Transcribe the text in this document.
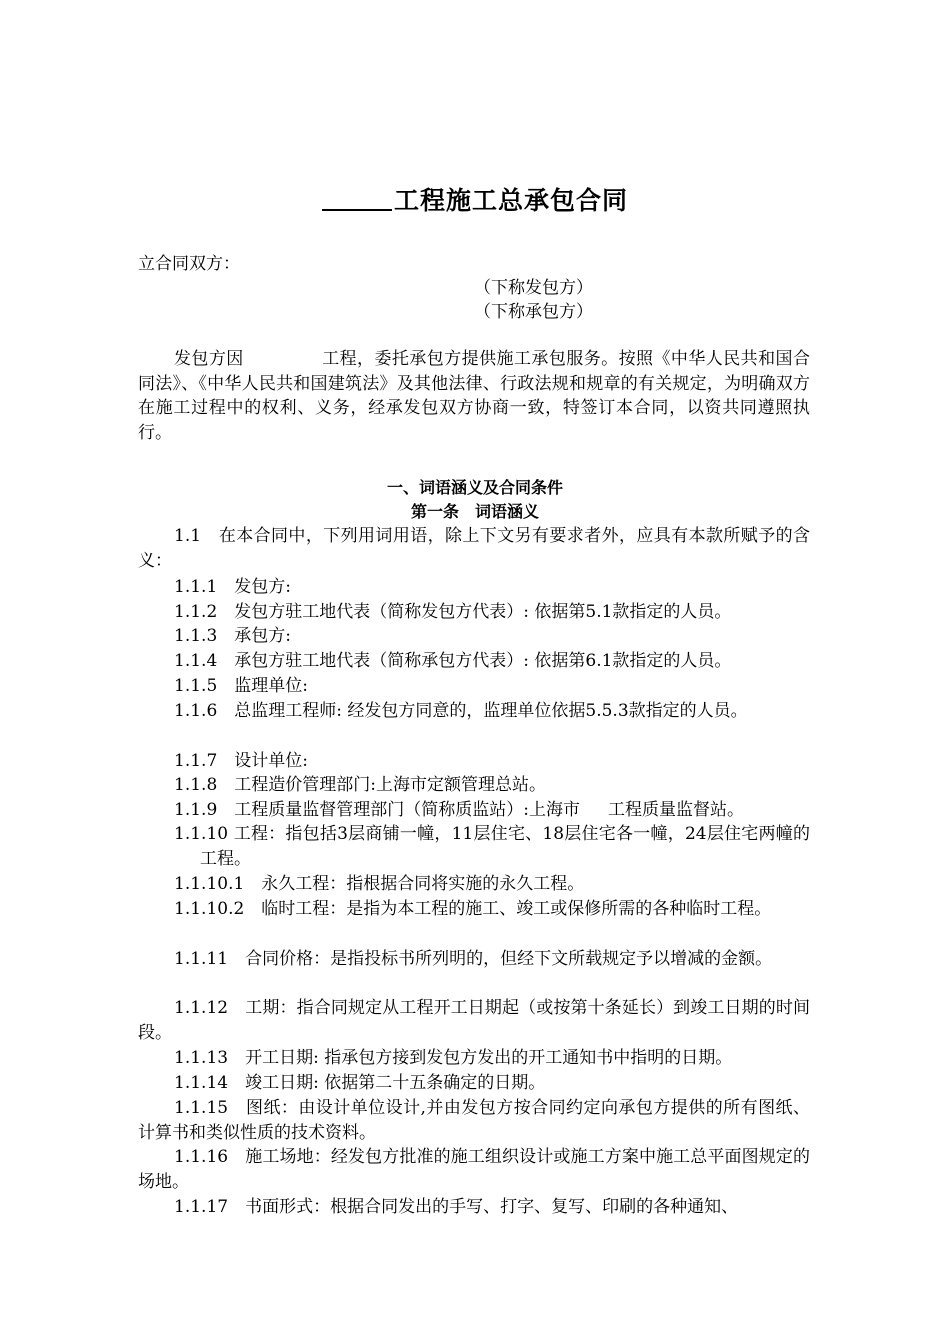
工程施工总承包合同
立合同双方：
（下称发包方）
（下称承包方）
发包方因	工程，委托承包方提供施工承包服务。按照《中华人民共和国合同法》、《中华人民共和国建筑法》及其他法律、行政法规和规章的有关规定，为明确双方在施工过程中的权利、义务，经承发包双方协商一致，特签订本合同，以资共同遵照执行。
一、词语涵义及合同条件
第一条　词语涵义
1.1　在本合同中，下列用词用语，除上下文另有要求者外，应具有本款所赋予的含义：
1.1.1　发包方:
1.1.2　发包方驻工地代表（简称发包方代表）: 依据第5.1款指定的人员。
1.1.3　承包方:
1.1.4　承包方驻工地代表（简称承包方代表）: 依据第6.1款指定的人员。
1.1.5　监理单位:
1.1.6　总监理工程师: 经发包方同意的，监理单位依据5.5.3款指定的人员。
1.1.7　设计单位:
1.1.8　工程造价管理部门:上海市定额管理总站。
1.1.9　工程质量监督管理部门（简称质监站）:上海市 工程质量监督站。
1.1.10 工程：指包括3层商铺一幢，11层住宅、18层住宅各一幢，24层住宅两幢的工程。
1.1.10.1　永久工程：指根据合同将实施的永久工程。
1.1.10.2　临时工程：是指为本工程的施工、竣工或保修所需的各种临时工程。
1.1.11　合同价格：是指投标书所列明的，但经下文所载规定予以增减的金额。
1.1.12　工期：指合同规定从工程开工日期起（或按第十条延长）到竣工日期的时间段。
1.1.13　开工日期: 指承包方接到发包方发出的开工通知书中指明的日期。
1.1.14　竣工日期: 依据第二十五条确定的日期。
1.1.15　图纸：由设计单位设计,并由发包方按合同约定向承包方提供的所有图纸、计算书和类似性质的技术资料。
1.1.16　施工场地：经发包方批准的施工组织设计或施工方案中施工总平面图规定的场地。
1.1.17　书面形式：根据合同发出的手写、打字、复写、印刷的各种通知、
